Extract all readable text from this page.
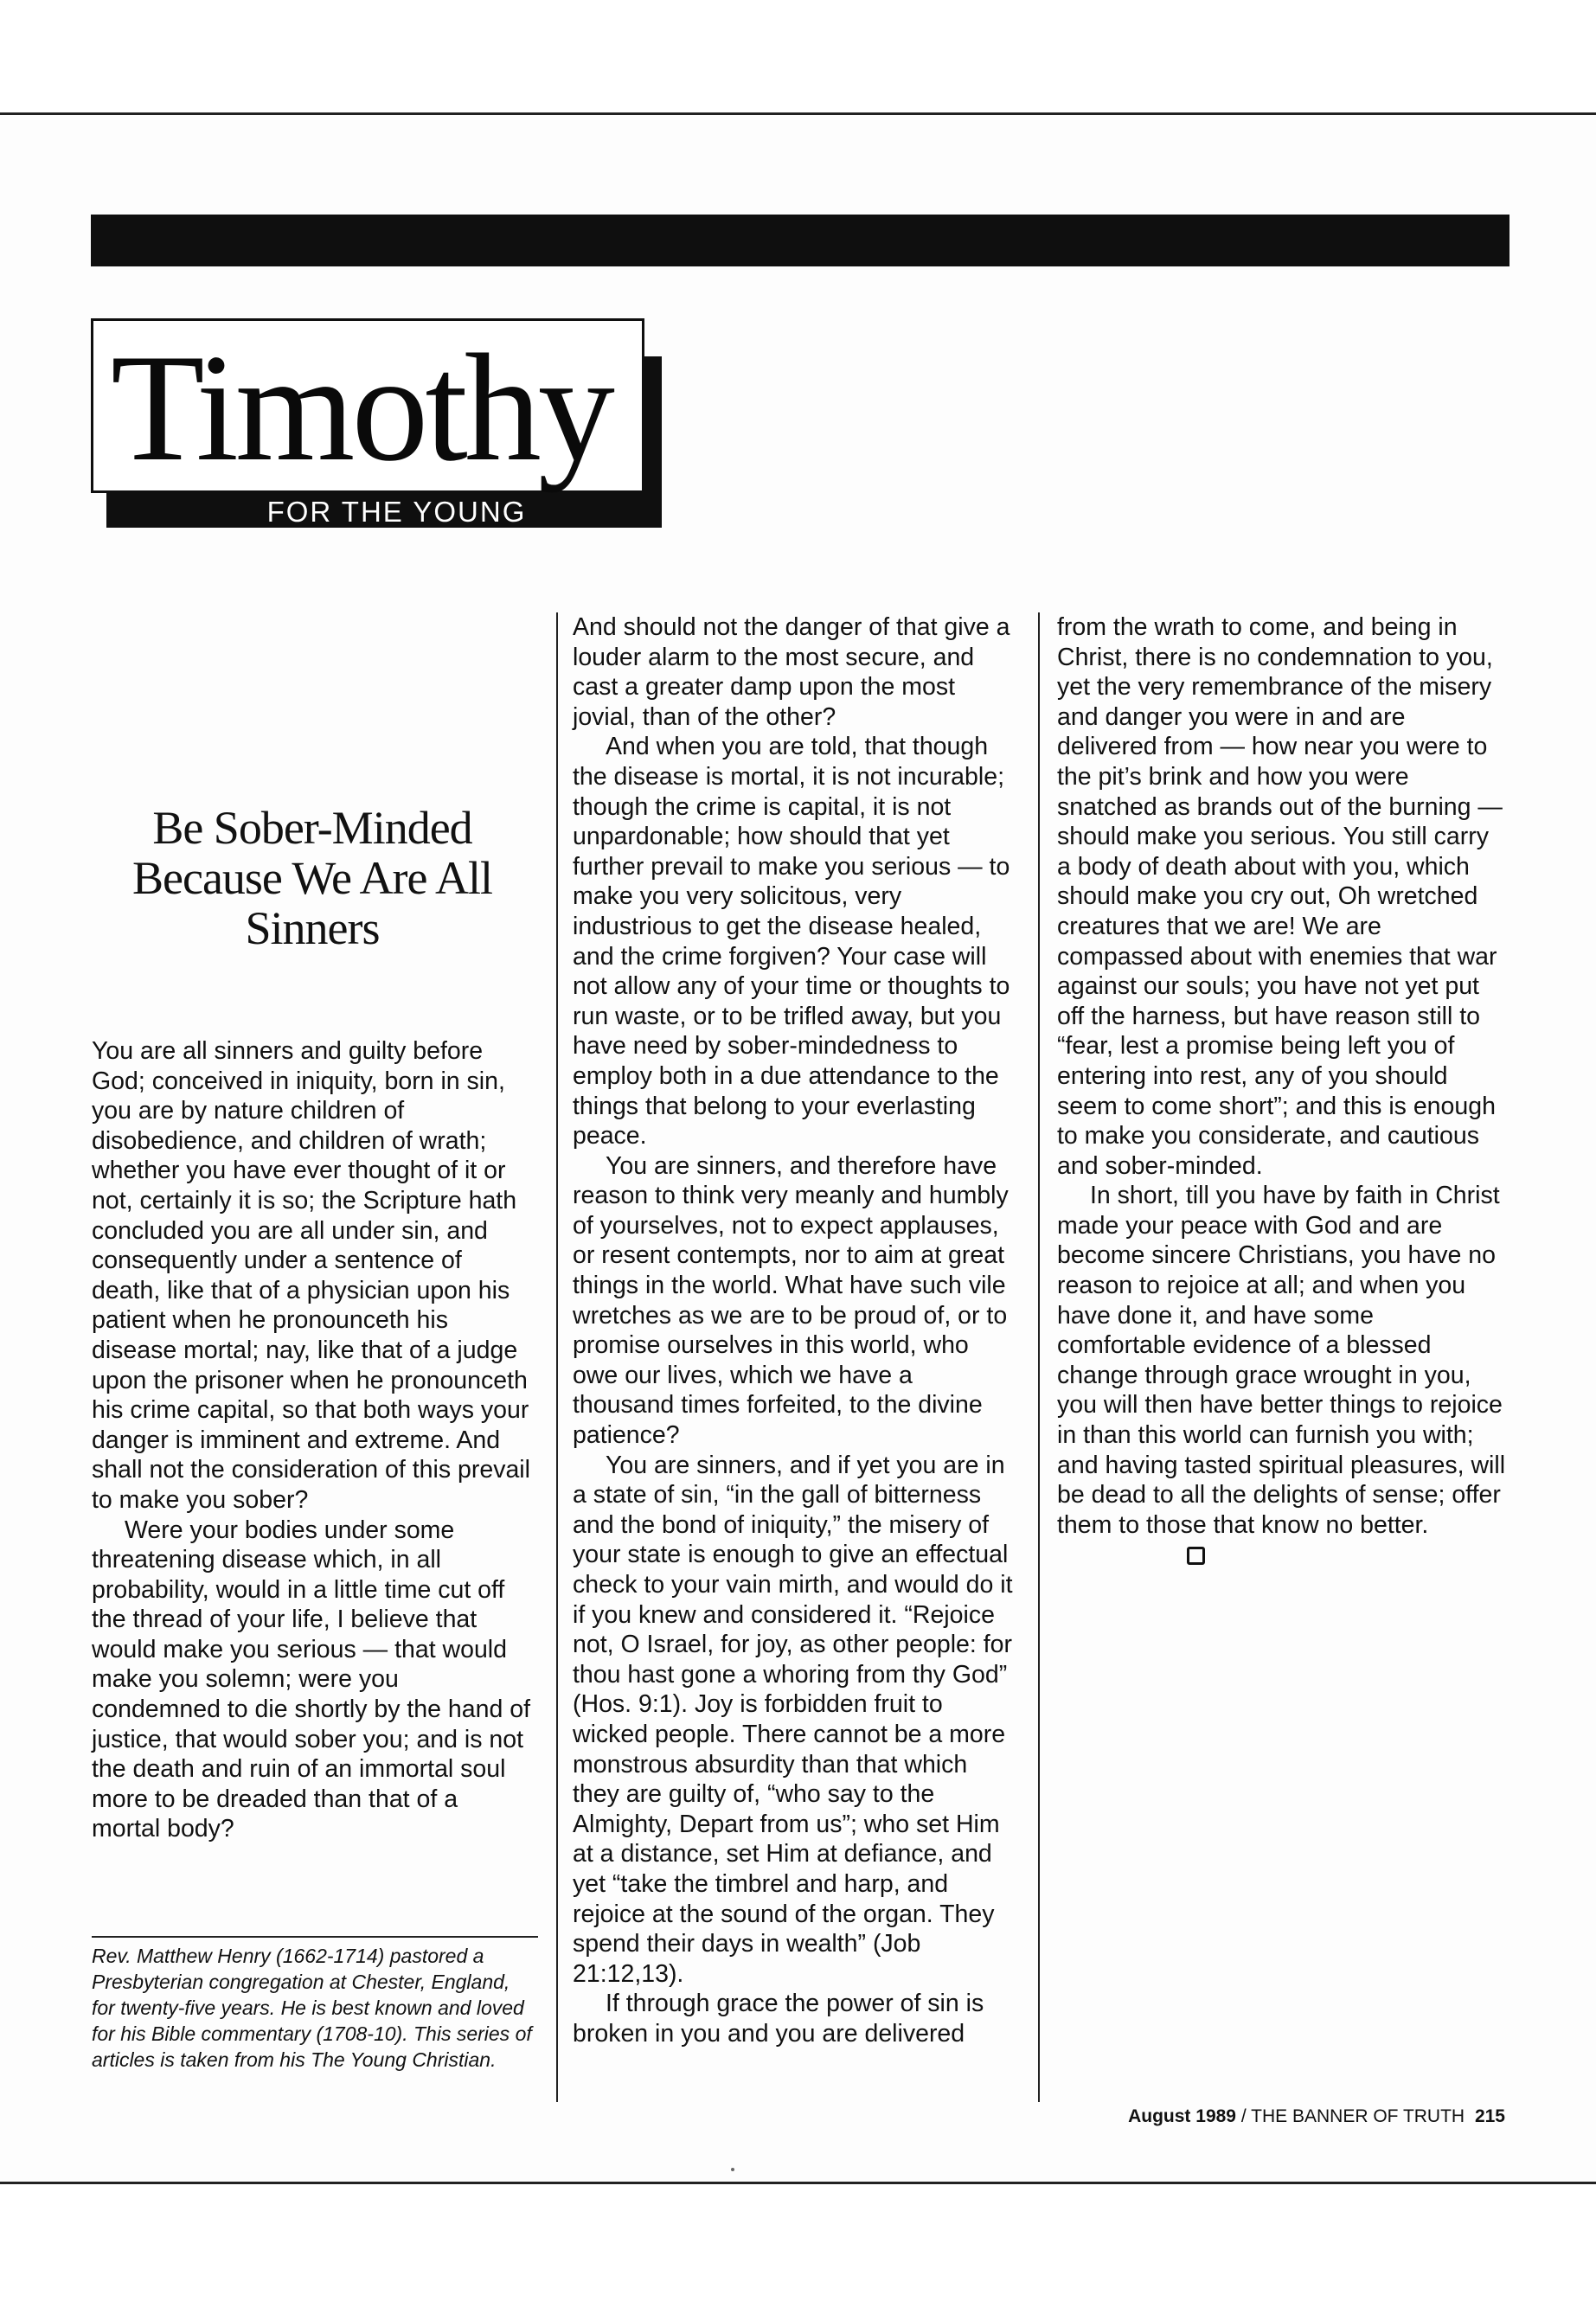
Timothy
FOR THE YOUNG
Be Sober-Minded Because We Are All Sinners

You are all sinners and guilty before God; conceived in iniquity, born in sin, you are by nature children of disobedience, and children of wrath; whether you have ever thought of it or not, certainly it is so; the Scripture hath concluded you are all under sin, and consequently under a sentence of death, like that of a physician upon his patient when he pronounceth his disease mortal; nay, like that of a judge upon the prisoner when he pronounceth his crime capital, so that both ways your danger is imminent and extreme. And shall not the consideration of this prevail to make you sober?

Were your bodies under some threatening disease which, in all probability, would in a little time cut off the thread of your life, I believe that would make you serious — that would make you solemn; were you condemned to die shortly by the hand of justice, that would sober you; and is not the death and ruin of an immortal soul more to be dreaded than that of a mortal body?

Rev. Matthew Henry (1662-1714) pastored a Presbyterian congregation at Chester, England, for twenty-five years. He is best known and loved for his Bible commentary (1708-10). This series of articles is taken from his The Young Christian.

And should not the danger of that give a louder alarm to the most secure, and cast a greater damp upon the most jovial, than of the other?

And when you are told, that though the disease is mortal, it is not incurable; though the crime is capital, it is not unpardonable; how should that yet further prevail to make you serious — to make you very solicitous, very industrious to get the disease healed, and the crime forgiven? Your case will not allow any of your time or thoughts to run waste, or to be trifled away, but you have need by sober-mindedness to employ both in a due attendance to the things that belong to your everlasting peace.

You are sinners, and therefore have reason to think very meanly and humbly of yourselves, not to expect applauses, or resent contempts, nor to aim at great things in the world. What have such vile wretches as we are to be proud of, or to promise ourselves in this world, who owe our lives, which we have a thousand times forfeited, to the divine patience?

You are sinners, and if yet you are in a state of sin, “in the gall of bitterness and the bond of iniquity,” the misery of your state is enough to give an effectual check to your vain mirth, and would do it if you knew and considered it. “Rejoice not, O Israel, for joy, as other people: for thou hast gone a whoring from thy God” (Hos. 9:1). Joy is forbidden fruit to wicked people. There cannot be a more monstrous absurdity than that which they are guilty of, “who say to the Almighty, Depart from us”; who set Him at a distance, set Him at defiance, and yet “take the timbrel and harp, and rejoice at the sound of the organ. They spend their days in wealth” (Job 21:12,13).

If through grace the power of sin is broken in you and you are delivered

from the wrath to come, and being in Christ, there is no condemnation to you, yet the very remembrance of the misery and danger you were in and are delivered from — how near you were to the pit’s brink and how you were snatched as brands out of the burning — should make you serious. You still carry a body of death about with you, which should make you cry out, Oh wretched creatures that we are! We are compassed about with enemies that war against our souls; you have not yet put off the harness, but have reason still to “fear, lest a promise being left you of entering into rest, any of you should seem to come short”; and this is enough to make you considerate, and cautious and sober-minded.

In short, till you have by faith in Christ made your peace with God and are become sincere Christians, you have no reason to rejoice at all; and when you have done it, and have some comfortable evidence of a blessed change through grace wrought in you, you will then have better things to rejoice in than this world can furnish you with; and having tasted spiritual pleasures, will be dead to all the delights of sense; offer them to those that know no better.

August 1989 / THE BANNER OF TRUTH 215
